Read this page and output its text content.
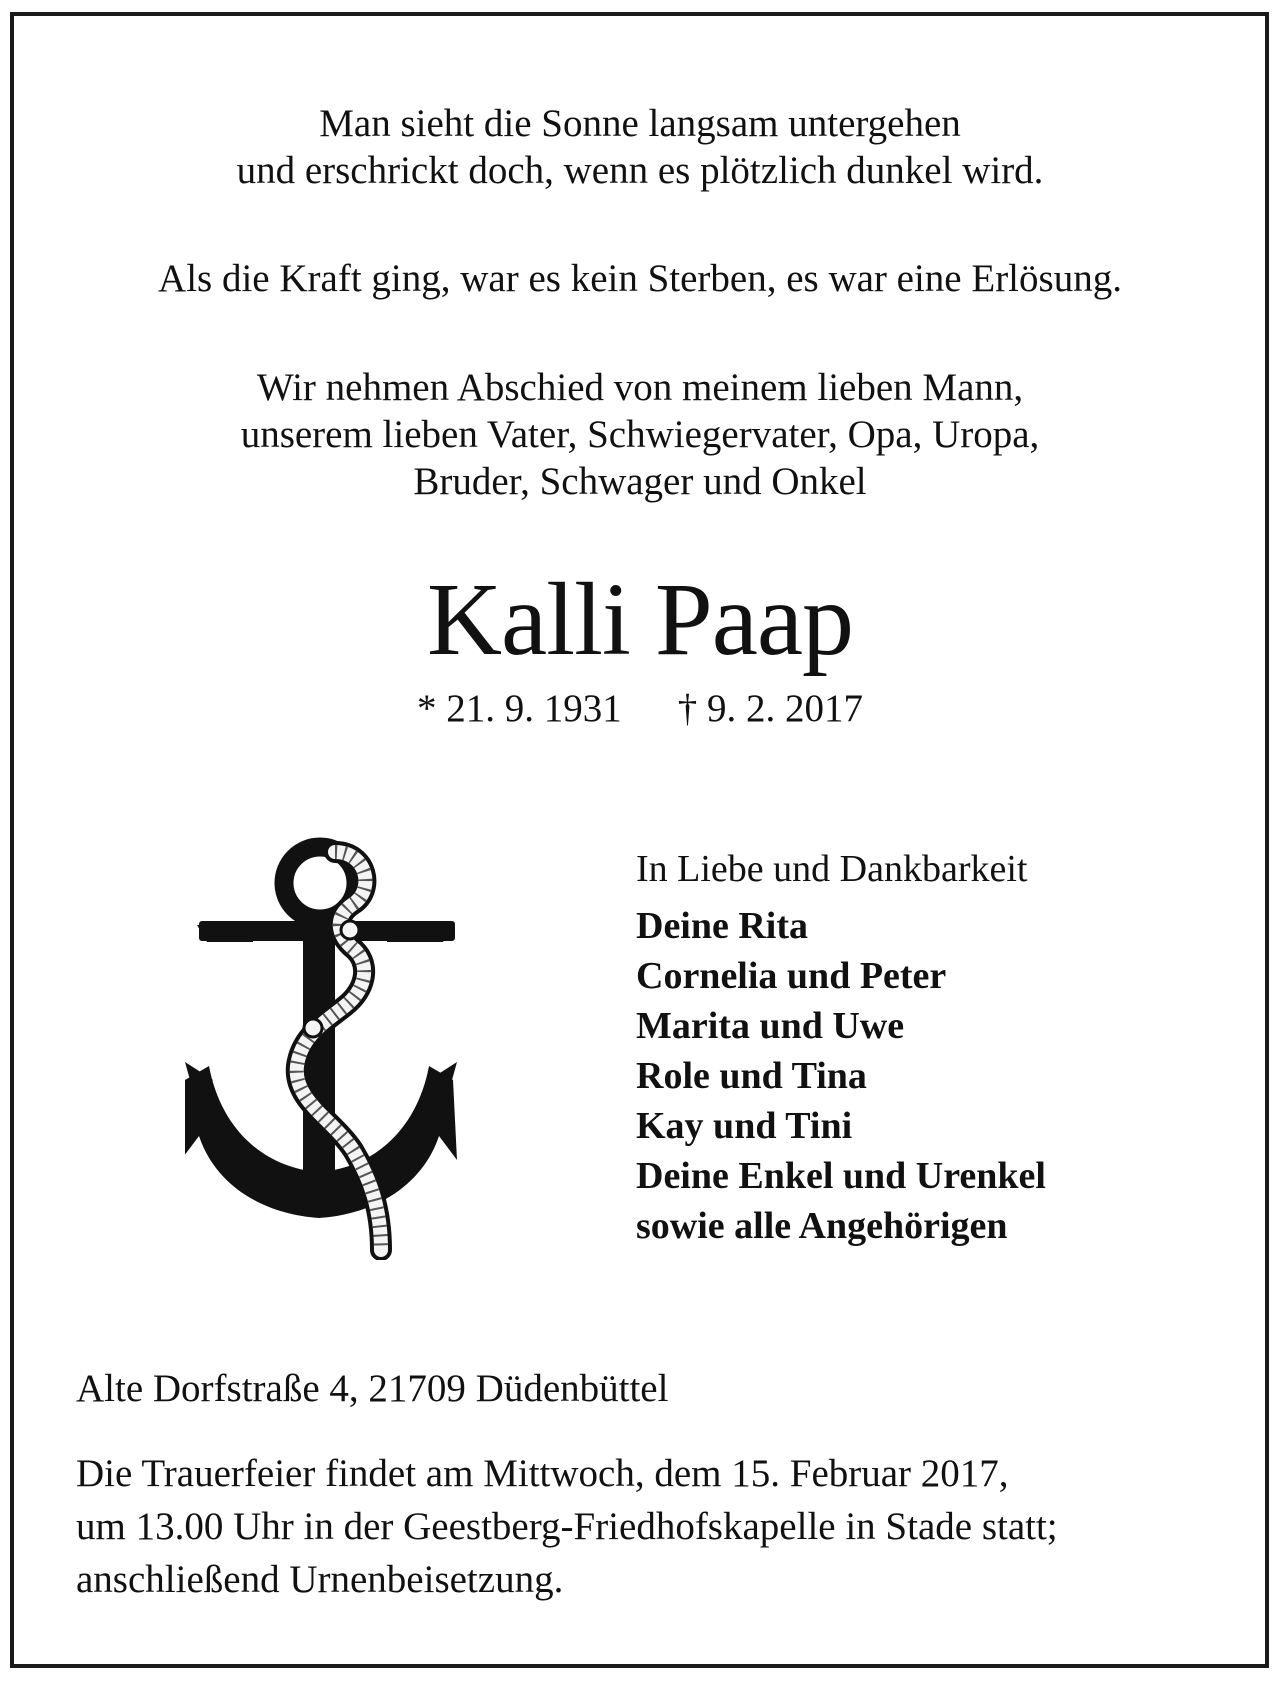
Man sieht die Sonne langsam untergehen
und erschrickt doch, wenn es plötzlich dunkel wird.
Als die Kraft ging, war es kein Sterben, es war eine Erlösung.
Wir nehmen Abschied von meinem lieben Mann,
unserem lieben Vater, Schwiegervater, Opa, Uropa,
Bruder, Schwager und Onkel
Kalli Paap
* 21. 9. 1931 † 9. 2. 2017
In Liebe und Dankbarkeit
Deine Rita
Cornelia und Peter
Marita und Uwe
Role und Tina
Kay und Tini
Deine Enkel und Urenkel
sowie alle Angehörigen
Alte Dorfstraße 4, 21709 Düdenbüttel
Die Trauerfeier findet am Mittwoch, dem 15. Februar 2017,
um 13.00 Uhr in der Geestberg-Friedhofskapelle in Stade statt;
anschließend Urnenbeisetzung.
